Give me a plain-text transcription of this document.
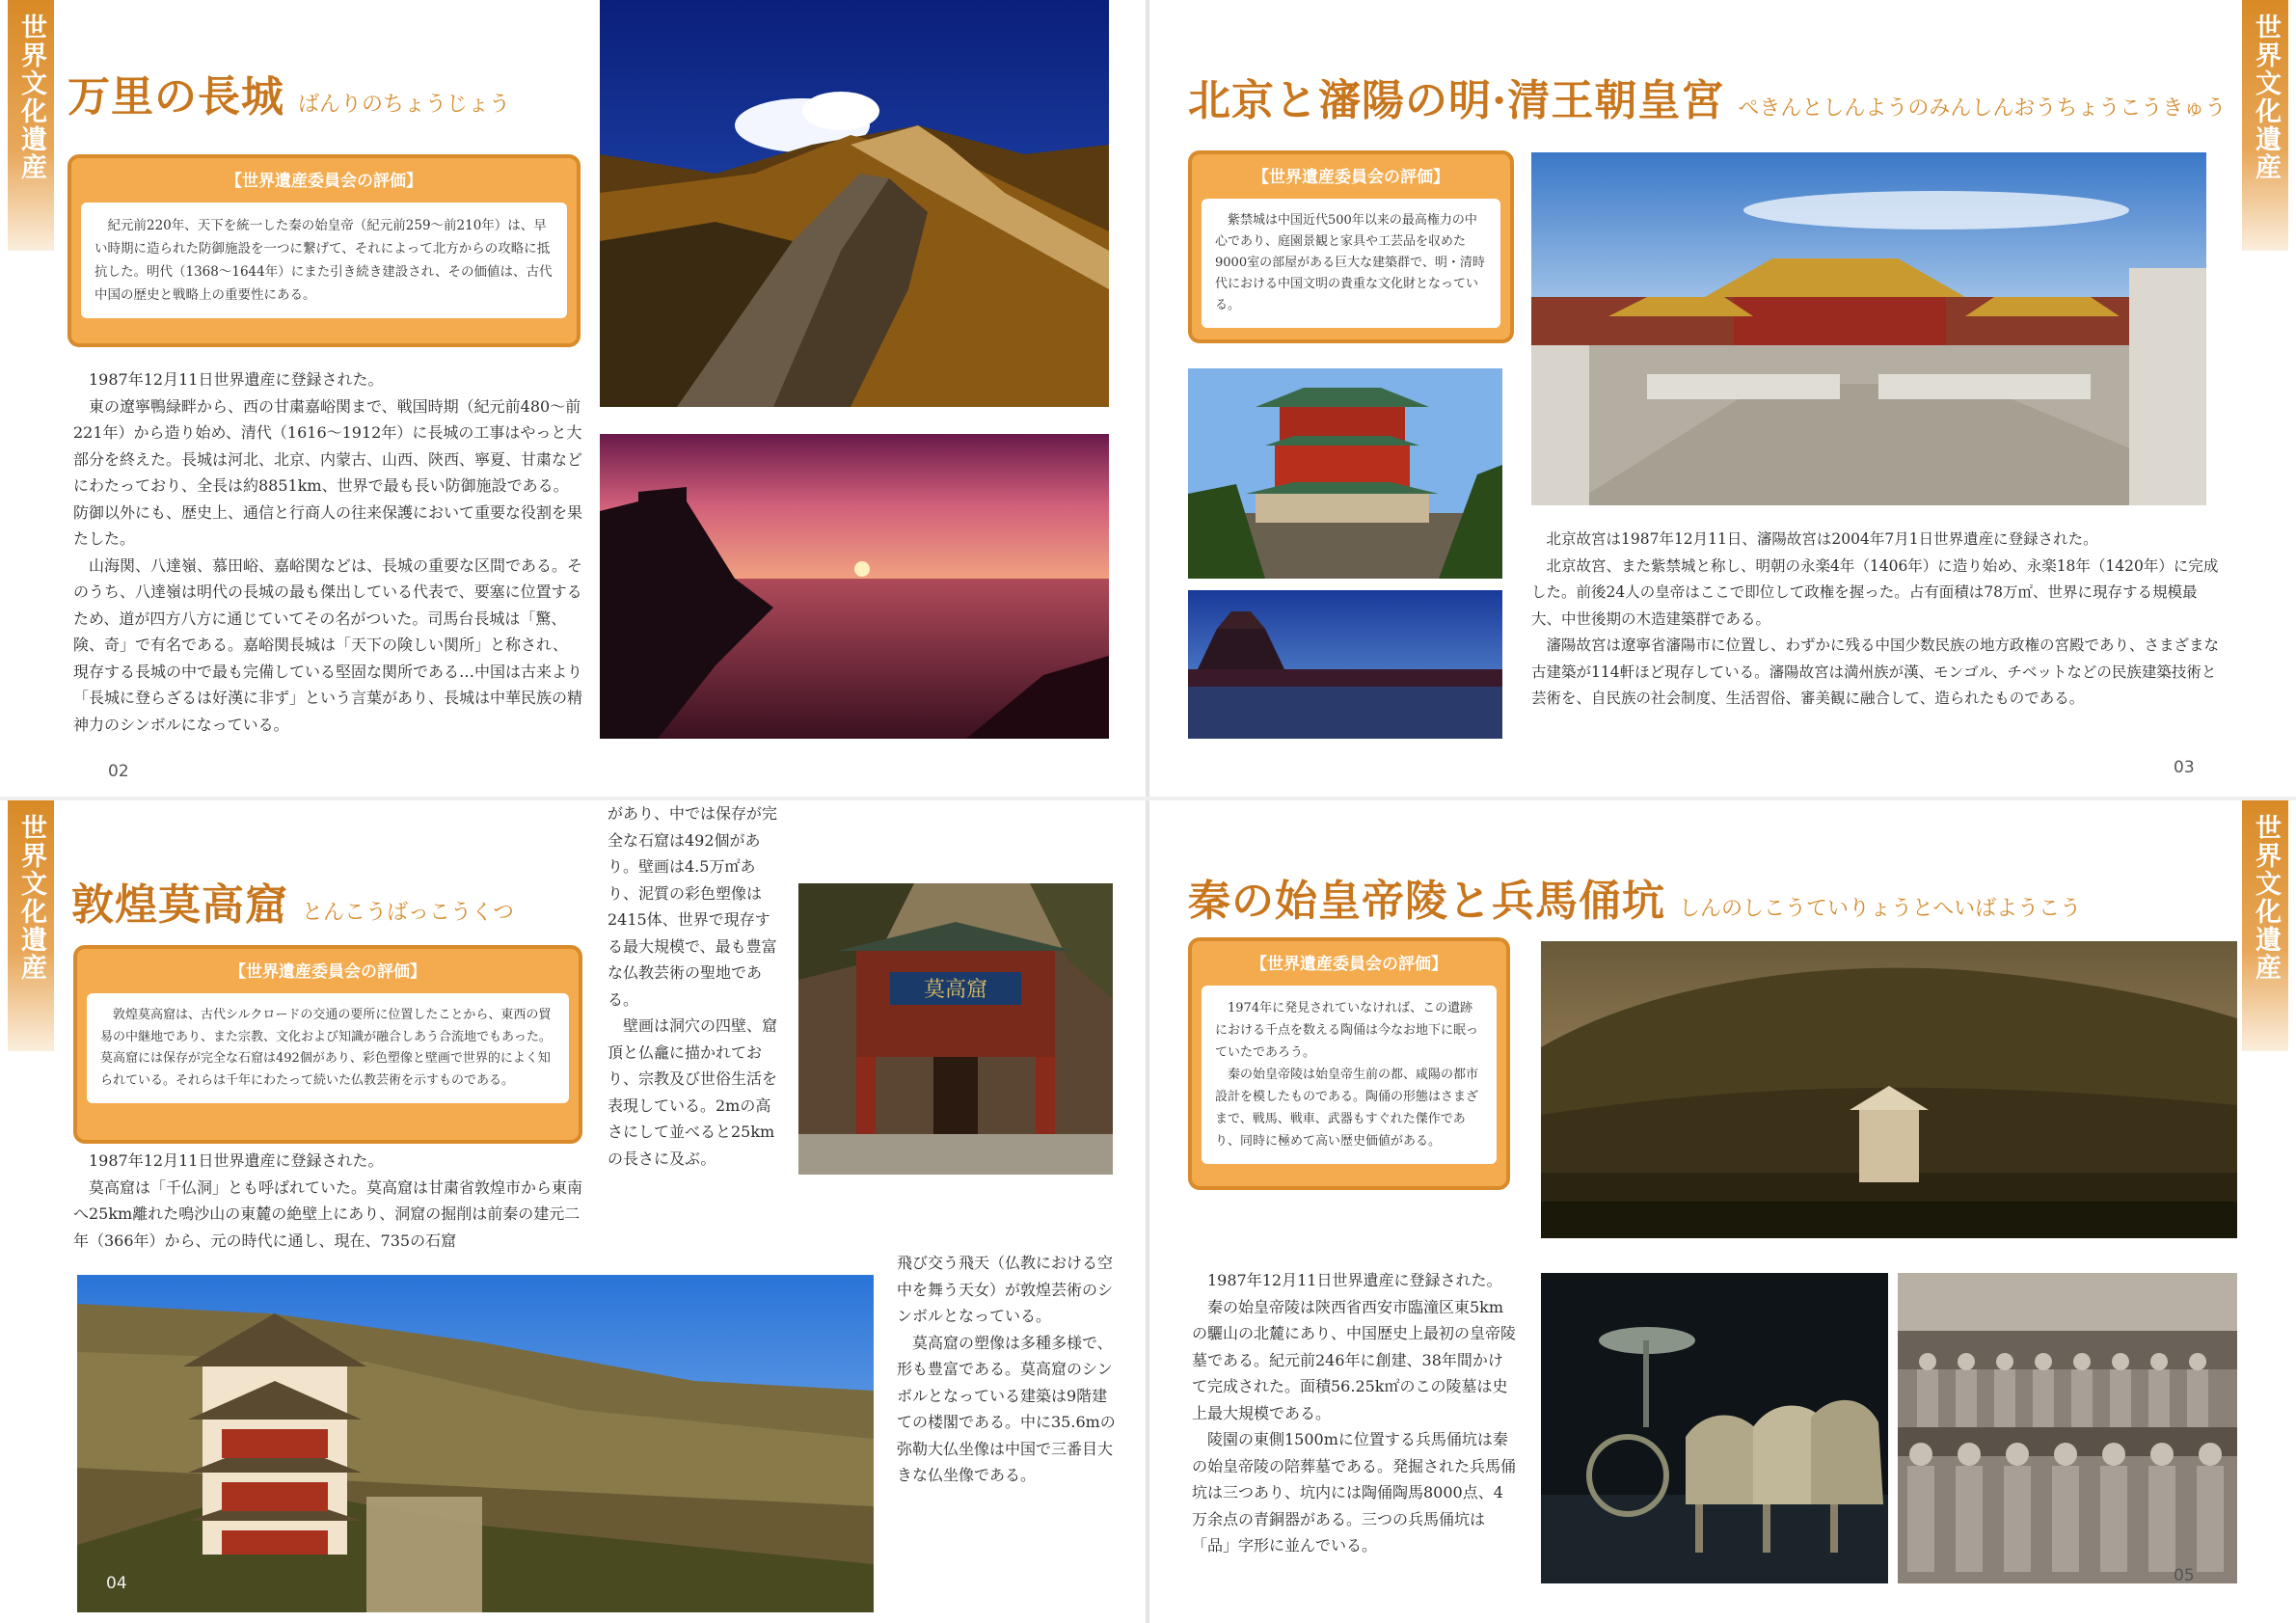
世界文化遺産 万里の長城 ばんりのちょうじょう
【世界遺産委員会の評価】

紀元前220年、天下を統一した秦の始皇帝（紀元前259〜前210年）は、早い時期に造られた防御施設を一つに繋げて、それによって北方からの攻略に抵抗した。明代（1368〜1644年）にまた引き続き建設され、その価値は、古代中国の歴史と戦略上の重要性にある。

1987年12月11日世界遺産に登録された。

東の遼寧鴨緑畔から、西の甘粛嘉峪関まで、戦国時期（紀元前480〜前221年）から造り始め、清代（1616〜1912年）に長城の工事はやっと大部分を終えた。長城は河北、北京、内蒙古、山西、陝西、寧夏、甘粛などにわたっており、全長は約8851km、世界で最も長い防御施設である。防御以外にも、歴史上、通信と行商人の往来保護において重要な役割を果たした。

山海関、八達嶺、慕田峪、嘉峪関などは、長城の重要な区間である。そのうち、八達嶺は明代の長城の最も傑出している代表で、要塞に位置するため、道が四方八方に通じていてその名がついた。司馬台長城は「驚、険、奇」で有名である。嘉峪関長城は「天下の険しい関所」と称され、現存する長城の中で最も完備している堅固な関所である…中国は古来より「長城に登らざるは好漢に非ず」という言葉があり、長城は中華民族の精神力のシンボルになっている。

02
世界文化遺産
北京と瀋陽の明·清王朝皇宮 ぺきんとしんようのみんしんおうちょうこうきゅう
【世界遺産委員会の評価】

紫禁城は中国近代500年以来の最高権力の中心であり、庭園景観と家具や工芸品を収めた9000室の部屋がある巨大な建築群で、明・清時代における中国文明の貴重な文化財となっている。

北京故宮は1987年12月11日、瀋陽故宮は2004年7月1日世界遺産に登録された。

北京故宮、また紫禁城と称し、明朝の永楽4年（1406年）に造り始め、永楽18年（1420年）に完成した。前後24人の皇帝はここで即位して政権を握った。占有面積は78万㎡、世界に現存する規模最大、中世後期の木造建築群である。

瀋陽故宮は遼寧省瀋陽市に位置し、わずかに残る中国少数民族の地方政権の宮殿であり、さまざまな古建築が114軒ほど現存している。瀋陽故宮は満州族が漢、モンゴル、チベットなどの民族建築技術と芸術を、自民族の社会制度、生活習俗、審美観に融合して、造られたものである。

03
世界文化遺産 敦煌莫高窟 とんこうばっこうくつ
【世界遺産委員会の評価】

敦煌莫高窟は、古代シルクロードの交通の要所に位置したことから、東西の貿易の中継地であり、また宗教、文化および知識が融合しあう合流地でもあった。莫高窟には保存が完全な石窟は492個があり、彩色塑像と壁画で世界的によく知られている。それらは千年にわたって続いた仏教芸術を示すものである。

1987年12月11日世界遺産に登録された。

莫高窟は「千仏洞」とも呼ばれていた。莫高窟は甘粛省敦煌市から東南へ25km離れた鳴沙山の東麓の絶壁上にあり、洞窟の掘削は前秦の建元二年（366年）から、元の時代に通し、現在、735の石窟

があり、中では保存が完全な石窟は492個があり。壁画は4.5万㎡あり、泥質の彩色塑像は2415体、世界で現存する最大規模で、最も豊富な仏教芸術の聖地である。

壁画は洞穴の四壁、窟頂と仏龕に描かれており、宗教及び世俗生活を表現している。2mの高さにして並べると25kmの長さに及ぶ。

莫高窟

飛び交う飛天（仏教における空中を舞う天女）が敦煌芸術のシンボルとなっている。

莫高窟の塑像は多種多様で、形も豊富である。莫高窟のシンボルとなっている建築は9階建ての楼閣である。中に35.6mの弥勒大仏坐像は中国で三番目大きな仏坐像である。

04
世界文化遺産
秦の始皇帝陵と兵馬俑坑 しんのしこうていりょうとへいばようこう
【世界遺産委員会の評価】

1974年に発見されていなければ、この遺跡における千点を数える陶俑は今なお地下に眠っていたであろう。

秦の始皇帝陵は始皇帝生前の都、咸陽の都市設計を模したものである。陶俑の形態はさまざまで、戦馬、戦車、武器もすぐれた傑作であり、同時に極めて高い歴史価値がある。

1987年12月11日世界遺産に登録された。

秦の始皇帝陵は陝西省西安市臨潼区東5kmの驪山の北麓にあり、中国歴史上最初の皇帝陵墓である。紀元前246年に創建、38年間かけて完成された。面積56.25k㎡のこの陵墓は史上最大規模である。

陵園の東側1500mに位置する兵馬俑坑は秦の始皇帝陵の陪葬墓である。発掘された兵馬俑坑は三つあり、坑内には陶俑陶馬8000点、4万余点の青銅器がある。三つの兵馬俑坑は「品」字形に並んでいる。

05
